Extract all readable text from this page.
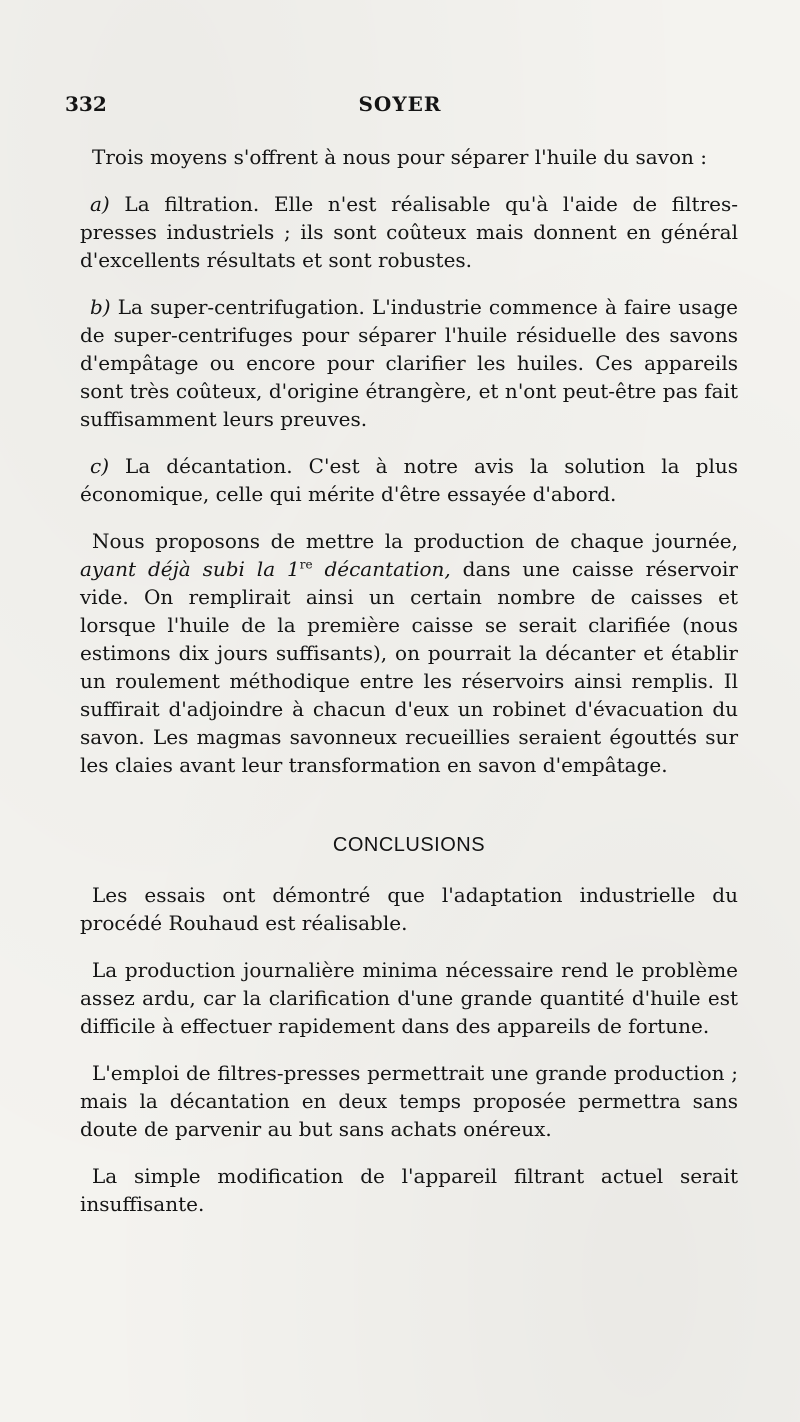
332	SOYER

Trois moyens s'offrent à nous pour séparer l'huile du savon :

a) La filtration. Elle n'est réalisable qu'à l'aide de filtres-presses industriels ; ils sont coûteux mais donnent en général d'excellents résultats et sont robustes.

b) La super-centrifugation. L'industrie commence à faire usage de super-centrifuges pour séparer l'huile résiduelle des savons d'empâtage ou encore pour clarifier les huiles. Ces appareils sont très coûteux, d'origine étrangère, et n'ont peut-être pas fait suffisamment leurs preuves.

c) La décantation. C'est à notre avis la solution la plus économique, celle qui mérite d'être essayée d'abord.

Nous proposons de mettre la production de chaque journée, ayant déjà subi la 1re décantation, dans une caisse réservoir vide. On remplirait ainsi un certain nombre de caisses et lorsque l'huile de la première caisse se serait clarifiée (nous estimons dix jours suffisants), on pourrait la décanter et établir un roulement méthodique entre les réservoirs ainsi remplis. Il suffirait d'adjoindre à chacun d'eux un robinet d'évacuation du savon. Les magmas savonneux recueillies seraient égouttés sur les claies avant leur transformation en savon d'empâtage.

CONCLUSIONS

Les essais ont démontré que l'adaptation industrielle du procédé Rouhaud est réalisable.

La production journalière minima nécessaire rend le problème assez ardu, car la clarification d'une grande quantité d'huile est difficile à effectuer rapidement dans des appareils de fortune.

L'emploi de filtres-presses permettrait une grande production ; mais la décantation en deux temps proposée permettra sans doute de parvenir au but sans achats onéreux.

La simple modification de l'appareil filtrant actuel serait insuffisante.
